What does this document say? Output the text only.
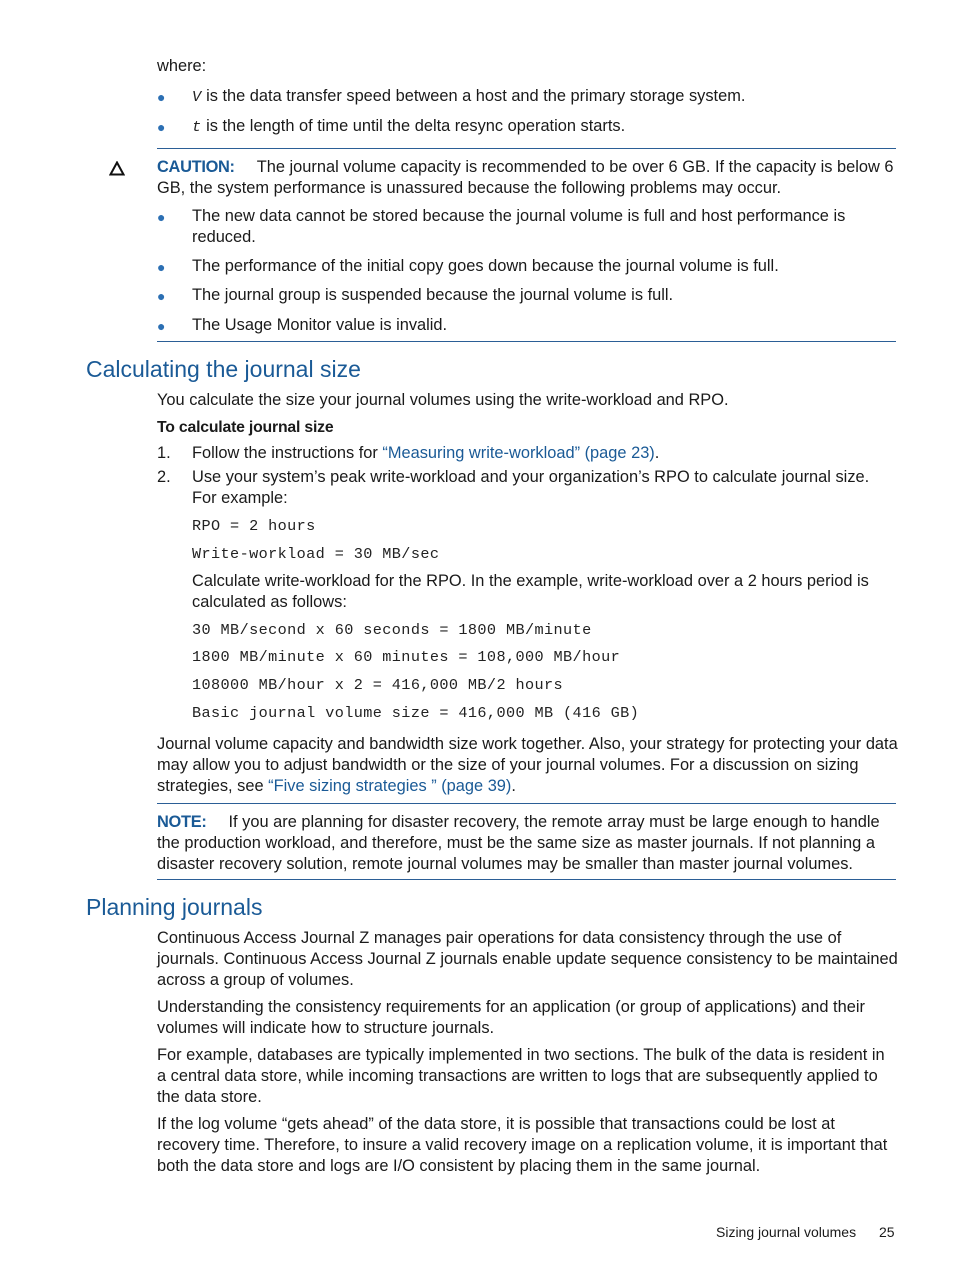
where:
● V is the data transfer speed between a host and the primary storage system.
● t is the length of time until the delta resync operation starts.
CAUTION: The journal volume capacity is recommended to be over 6 GB. If the capacity is below 6 GB, the system performance is unassured because the following problems may occur.
● The new data cannot be stored because the journal volume is full and host performance is reduced.
● The performance of the initial copy goes down because the journal volume is full.
● The journal group is suspended because the journal volume is full.
● The Usage Monitor value is invalid.
Calculating the journal size
You calculate the size your journal volumes using the write-workload and RPO.
To calculate journal size
1. Follow the instructions for “Measuring write-workload” (page 23).
2. Use your system’s peak write-workload and your organization’s RPO to calculate journal size. For example:
RPO = 2 hours
Write-workload = 30 MB/sec
Calculate write-workload for the RPO. In the example, write-workload over a 2 hours period is calculated as follows:
30 MB/second x 60 seconds = 1800 MB/minute
1800 MB/minute x 60 minutes = 108,000 MB/hour
108000 MB/hour x 2 = 416,000 MB/2 hours
Basic journal volume size = 416,000 MB (416 GB)
Journal volume capacity and bandwidth size work together. Also, your strategy for protecting your data may allow you to adjust bandwidth or the size of your journal volumes. For a discussion on sizing strategies, see “Five sizing strategies ” (page 39).
NOTE: If you are planning for disaster recovery, the remote array must be large enough to handle the production workload, and therefore, must be the same size as master journals. If not planning a disaster recovery solution, remote journal volumes may be smaller than master journal volumes.
Planning journals
Continuous Access Journal Z manages pair operations for data consistency through the use of journals. Continuous Access Journal Z journals enable update sequence consistency to be maintained across a group of volumes.
Understanding the consistency requirements for an application (or group of applications) and their volumes will indicate how to structure journals.
For example, databases are typically implemented in two sections. The bulk of the data is resident in a central data store, while incoming transactions are written to logs that are subsequently applied to the data store.
If the log volume “gets ahead” of the data store, it is possible that transactions could be lost at recovery time. Therefore, to insure a valid recovery image on a replication volume, it is important that both the data store and logs are I/O consistent by placing them in the same journal.
Sizing journal volumes 25
